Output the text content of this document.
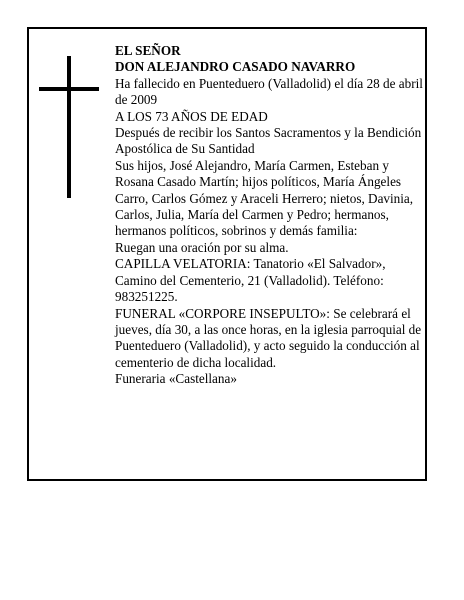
EL SEÑOR

DON ALEJANDRO CASADO NAVARRO

Ha fallecido en Puenteduero (Valladolid) el día 28 de abril

de 2009

A LOS 73 AÑOS DE EDAD

Después de recibir los Santos Sacramentos y la Bendición Apostólica de Su Santidad

Sus hijos, José Alejandro, María Carmen, Esteban y Rosana Casado Martín; hijos políticos, María Ángeles Carro, Carlos Gómez y Araceli Herrero; nietos, Davinia, Carlos, Julia, María del Carmen y Pedro; hermanos, hermanos políticos, sobrinos y demás familia:

Ruegan una oración por su alma.

CAPILLA VELATORIA: Tanatorio «El Salvador», Camino del Cementerio, 21 (Valladolid). Teléfono: 983251225.

FUNERAL «CORPORE INSEPULTO»: Se celebrará el jueves, día 30, a las once horas, en la iglesia parroquial de Puenteduero (Valladolid), y acto seguido la conducción al cementerio de dicha localidad.

Funeraria «Castellana»
